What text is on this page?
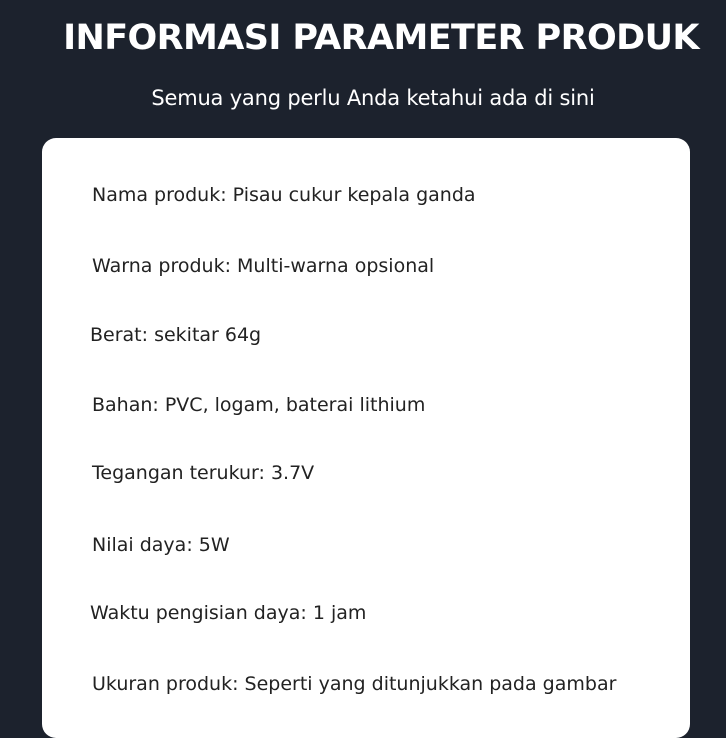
INFORMASI PARAMETER PRODUK
Semua yang perlu Anda ketahui ada di sini
Nama produk: Pisau cukur kepala ganda
Warna produk: Multi-warna opsional
Berat: sekitar 64g
Bahan: PVC, logam, baterai lithium
Tegangan terukur: 3.7V
Nilai daya: 5W
Waktu pengisian daya: 1 jam
Ukuran produk: Seperti yang ditunjukkan pada gambar
